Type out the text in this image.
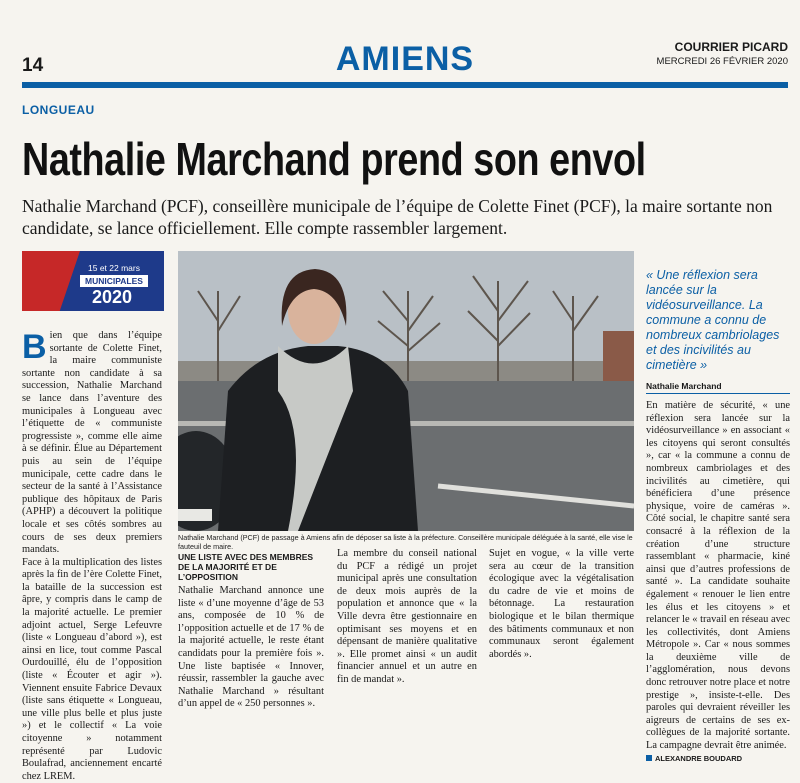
14	AMIENS	COURRIER PICARD
MERCREDI 26 FÉVRIER 2020
LONGUEAU
Nathalie Marchand prend son envol
Nathalie Marchand (PCF), conseillère municipale de l’équipe de Colette Finet (PCF), la maire sortante non candidate, se lance officiellement. Elle compte rassembler largement.
15 et 22 mars
MUNICIPALES
2020
Nathalie Marchand (PCF) de passage à Amiens afin de déposer sa liste à la préfecture. Conseillère municipale déléguée à la santé, elle vise le fauteuil de maire.
« Une réflexion sera lancée sur la vidéosurveillance. La commune a connu de nombreux cambriolages et des incivilités au cimetière »
Nathalie Marchand
B ien que dans l’équipe sortante de Colette Finet, la maire communiste sortante non candidate à sa succession, Nathalie Marchand se lance dans l’aventure des municipales à Longueau avec l’étiquette de « communiste progressiste », comme elle aime à se définir. Élue au Département puis au sein de l’équipe municipale, cette cadre dans le secteur de la santé à l’Assistance publique des hôpitaux de Paris (APHP) a découvert la politique locale et ses côtés sombres au cours de ses deux premiers mandats.

Face à la multiplication des listes après la fin de l’ère Colette Finet, la bataille de la succession est âpre, y compris dans le camp de la majorité actuelle. Le premier adjoint actuel, Serge Lefeuvre (liste « Longueau d’abord »), est ainsi en lice, tout comme Pascal Ourdouillé, élu de l’opposition (liste « Écouter et agir »). Viennent ensuite Fabrice Devaux (liste sans étiquette « Longueau, une ville plus belle et plus juste ») et le collectif « La voie citoyenne » notamment représenté par Ludovic Boulafrad, anciennement encarté chez LREM.

UNE LISTE AVEC DES MEMBRES DE LA MAJORITÉ ET DE L’OPPOSITION

Nathalie Marchand annonce une liste « d’une moyenne d’âge de 53 ans, composée de 10 % de l’opposition actuelle et de 17 % de la majorité actuelle, le reste étant candidats pour la première fois ». Une liste baptisée « Innover, réussir, rassembler la gauche avec Nathalie Marchand » résultant d’un appel de « 250 personnes ».

La membre du conseil national du PCF a rédigé un projet municipal après une consultation de deux mois auprès de la population et annonce que « la Ville devra être gestionnaire en optimisant ses moyens et en dépensant de manière qualitative ». Elle promet ainsi « un audit financier annuel et un autre en fin de mandat ».

Sujet en vogue, « la ville verte sera au cœur de la transition écologique avec la végétalisation du cadre de vie et moins de bétonnage. La restauration biologique et le bilan thermique des bâtiments communaux et non communaux seront également abordés ».

En matière de sécurité, « une réflexion sera lancée sur la vidéosurveillance » en associant « les citoyens qui seront consultés », car « la commune a connu de nombreux cambriolages et des incivilités au cimetière, qui bénéficiera d’une présence physique, voire de caméras ». Côté social, le chapitre santé sera consacré à la réflexion de la création d’une structure rassemblant « pharmacie, kiné ainsi que d’autres professions de santé ». La candidate souhaite également « renouer le lien entre les élus et les citoyens » et relancer le « travail en réseau avec les collectivités, dont Amiens Métropole ». Car « nous sommes la deuxième ville de l’agglomération, nous devons donc retrouver notre place et notre prestige », insiste-t-elle. Des paroles qui devraient réveiller les aigreurs de certains de ses ex-collègues de la majorité sortante. La campagne devrait être animée.

ALEXANDRE BOUDARD
